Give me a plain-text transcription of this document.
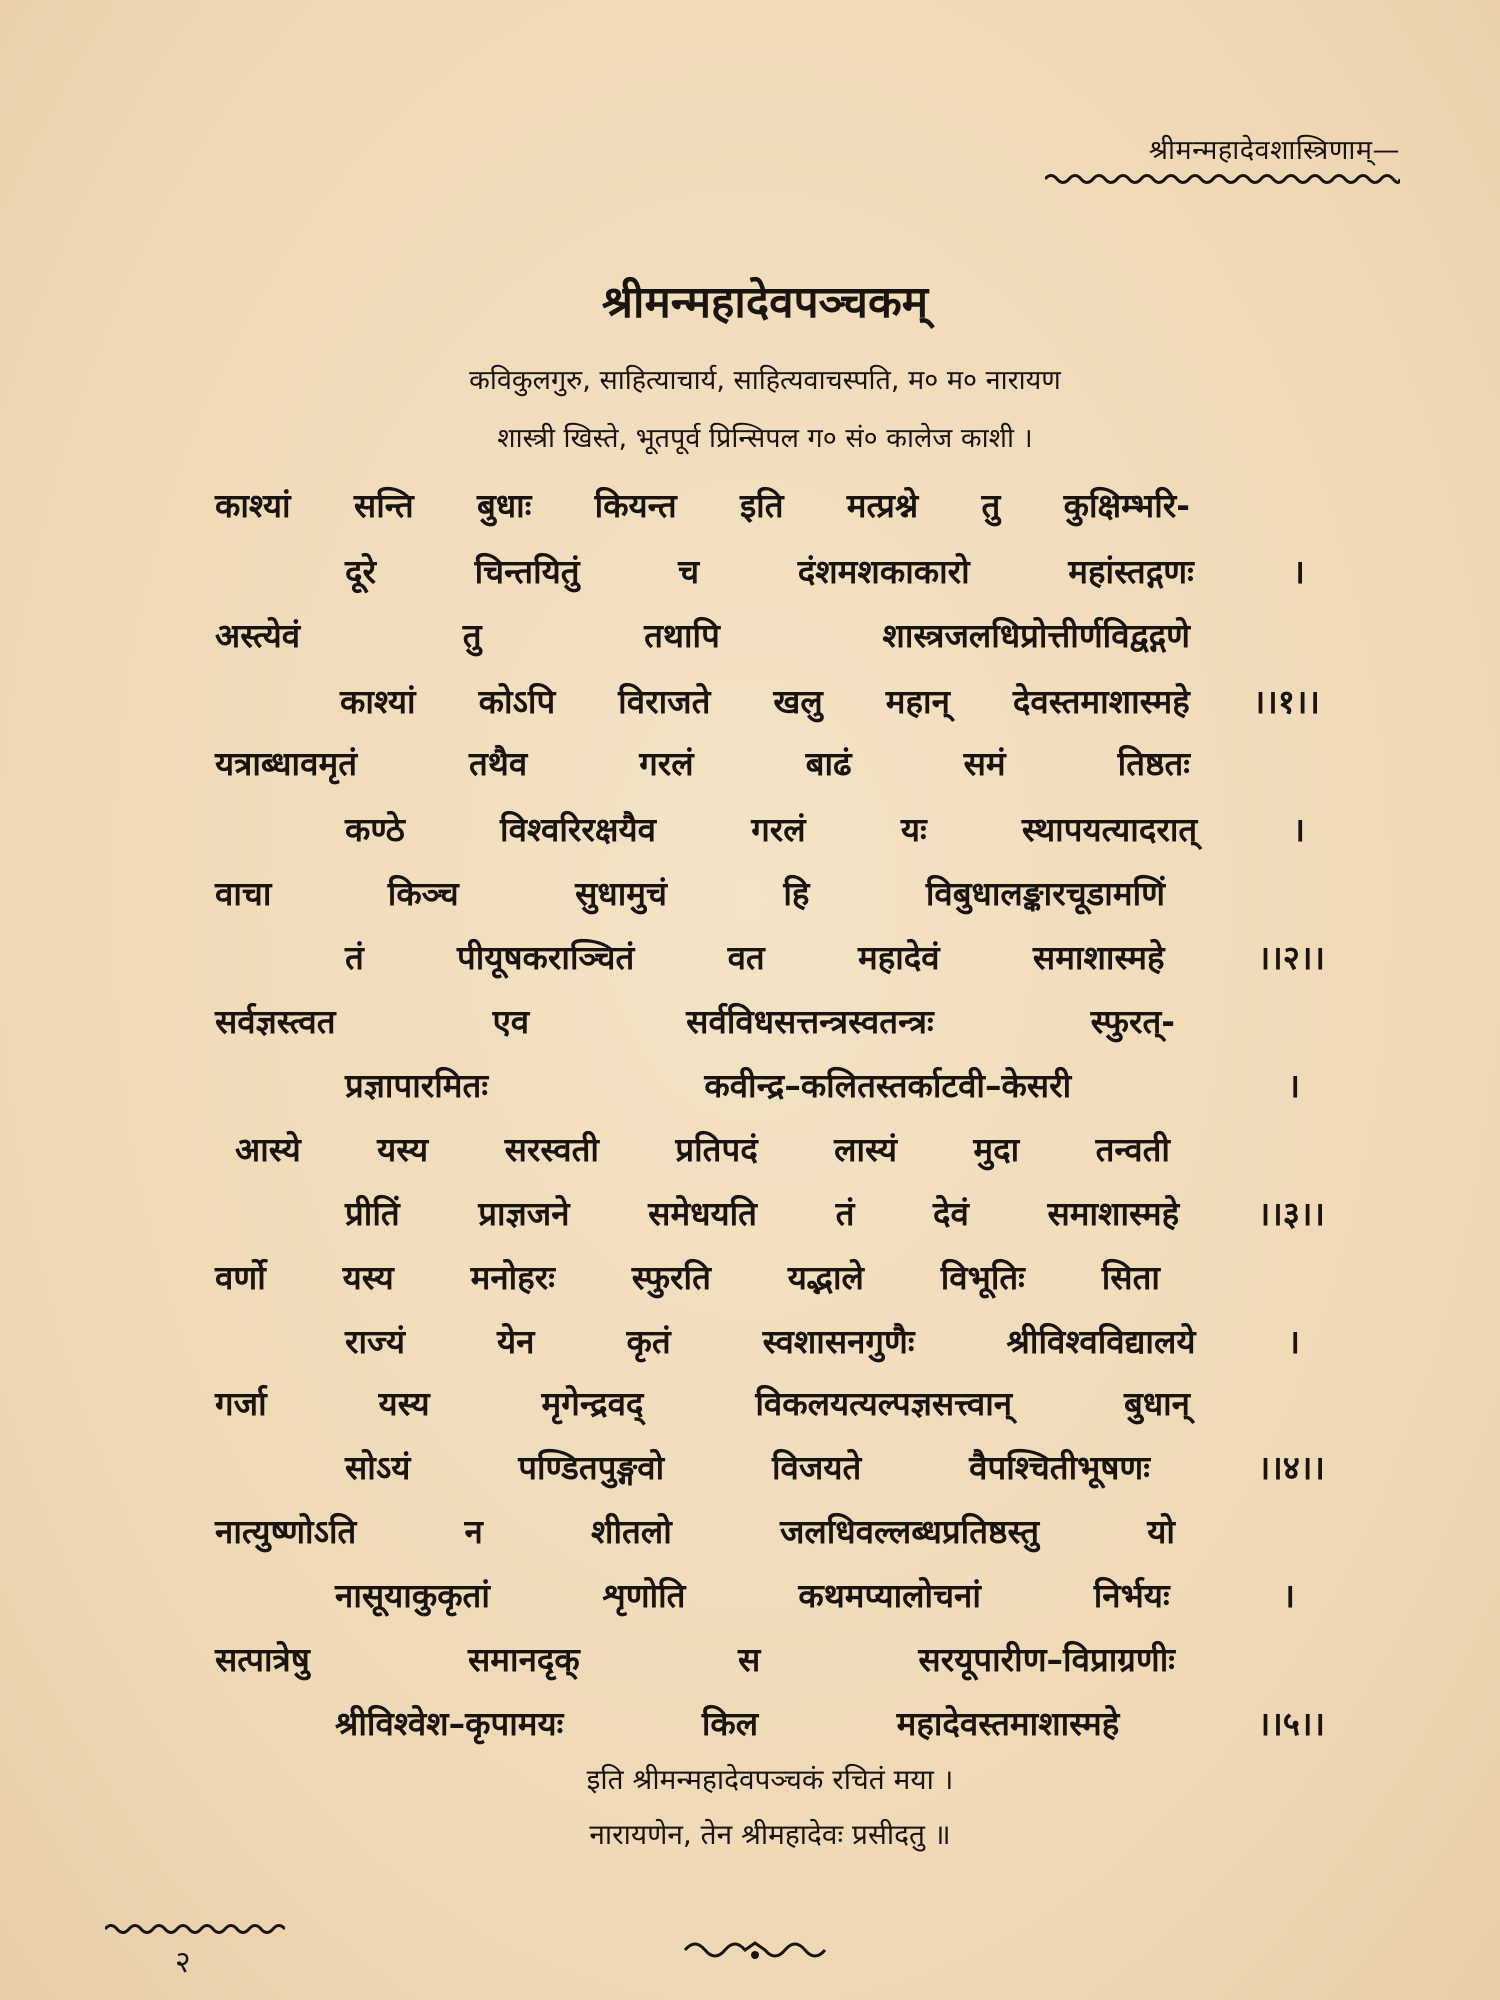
श्रीमन्महादेवशास्त्रिणाम्—
श्रीमन्महादेवपञ्चकम्
कविकुलगुरु, साहित्याचार्य, साहित्यवाचस्पति, म० म० नारायण
शास्त्री खिस्ते, भूतपूर्व प्रिन्सिपल ग० सं० कालेज काशी ।
काश्यां सन्ति बुधाः कियन्त इति मत्प्रश्ने तु कुक्षिम्भरि-
दूरे	चिन्तयितुं	च	दंशमशकाकारो	महांस्तद्गणः	।
अस्त्येवं	तु	तथापि	शास्त्रजलधिप्रोत्तीर्णविद्वद्गणे
काश्यां कोऽपि विराजते खलु महान् देवस्तमाशास्महे ।।१।।
यत्राब्धावमृतं	तथैव	गरलं	बाढं	समं	तिष्ठतः
कण्ठे	विश्वरिरक्षयैव	गरलं	यः	स्थापयत्यादरात्	।
वाचा	किञ्च	सुधामुचं	हि	विबुधालङ्कारचूडामणिं
तं	पीयूषकराञ्चितं	वत	महादेवं	समाशास्महे	।।२।।
सर्वज्ञस्त्वत	एव	सर्वविधसत्तन्त्रस्वतन्त्रः	स्फुरत्-
प्रज्ञापारमितः	कवीन्द्र–कलितस्तर्काटवी–केसरी	।
आस्ये यस्य सरस्वती प्रतिपदं लास्यं मुदा तन्वती
प्रीतिं प्राज्ञजने समेधयति तं देवं समाशास्महे ।।३।।
वर्णो यस्य मनोहरः स्फुरति यद्भाले विभूतिः सिता
राज्यं	येन	कृतं	स्वशासनगुणैः	श्रीविश्वविद्यालये	।
गर्जा	यस्य	मृगेन्द्रवद्	विकलयत्यल्पज्ञसत्त्वान्	बुधान्
सोऽयं	पण्डितपुङ्गवो	विजयते	वैपश्चितीभूषणः	।।४।।
नात्युष्णोऽति	न	शीतलो	जलधिवल्लब्धप्रतिष्ठस्तु	यो
नासूयाकुकृतां	शृणोति	कथमप्यालोचनां	निर्भयः	।
सत्पात्रेषु	समानदृक्	स	सरयूपारीण–विप्राग्रणीः
श्रीविश्वेश–कृपामयः	किल	महादेवस्तमाशास्महे	।।५।।
इति श्रीमन्महादेवपञ्चकं रचितं मया ।
नारायणेन, तेन श्रीमहादेवः प्रसीदतु ॥
२
